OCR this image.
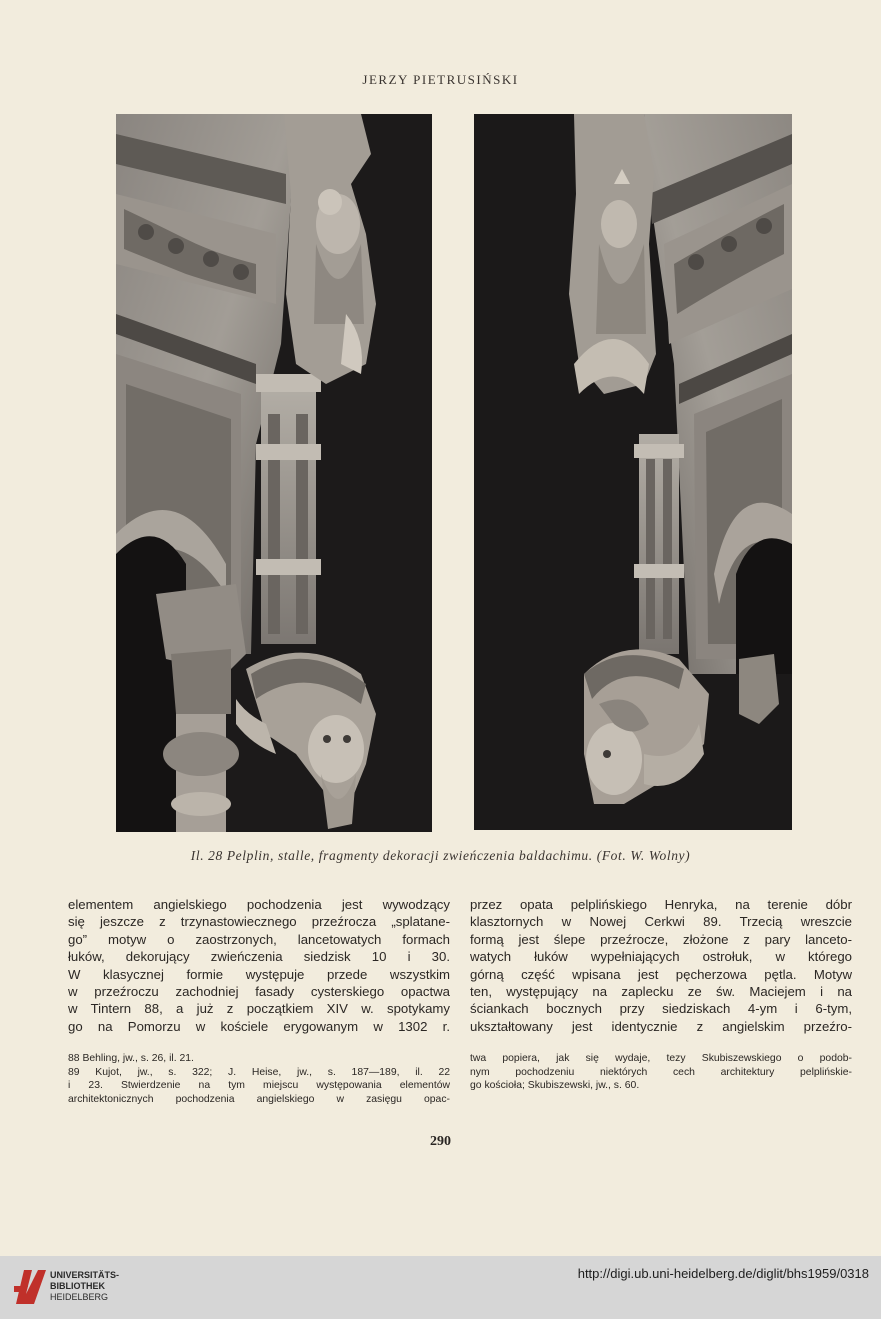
JERZY PIETRUSIŃSKI
Il. 28 Pelplin, stalle, fragmenty dekoracji zwieńczenia baldachimu. (Fot. W. Wolny)
elementem angielskiego pochodzenia jest wywodzący
się jeszcze z trzynastowiecznego przeźrocza „splatane-
go” motyw o zaostrzonych, lancetowatych formach
łuków, dekorujący zwieńczenia siedzisk 10 i 30.
W klasycznej formie występuje przede wszystkim
w przeźroczu zachodniej fasady cysterskiego opactwa
w Tintern 88, a już z początkiem XIV w. spotykamy
go na Pomorzu w kościele erygowanym w 1302 r.
przez opata pelplińskiego Henryka, na terenie dóbr
klasztornych w Nowej Cerkwi 89. Trzecią wreszcie
formą jest ślepe przeźrocze, złożone z pary lanceto-
watych łuków wypełniających ostrołuk, w którego
górną część wpisana jest pęcherzowa pętla. Motyw
ten, występujący na zaplecku ze św. Maciejem i na
ściankach bocznych przy siedziskach 4-ym i 6-tym,
ukształtowany jest identycznie z angielskim przeźro-
88 Behling, jw., s. 26, il. 21.
89 Kujot, jw., s. 322; J. Heise, jw., s. 187—189, il. 22
i 23. Stwierdzenie na tym miejscu występowania elementów
architektonicznych pochodzenia angielskiego w zasięgu opac-
twa popiera, jak się wydaje, tezy Skubiszewskiego o podob-
nym pochodzeniu niektórych cech architektury pelplińskie-
go kościoła; Skubiszewski, jw., s. 60.
290
UNIVERSITÄTS-
BIBLIOTHEK
HEIDELBERG
http://digi.ub.uni-heidelberg.de/diglit/bhs1959/0318
